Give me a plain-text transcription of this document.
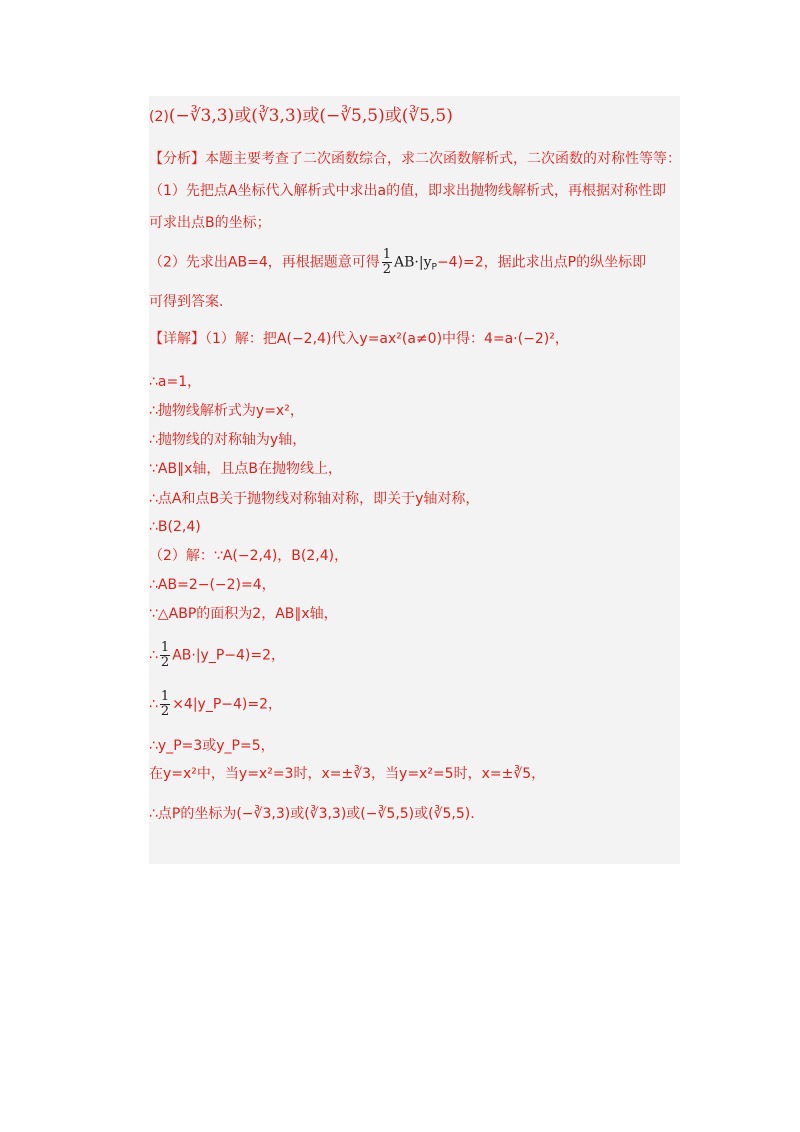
(2)(−∛3,3)或(∛3,3)或(−∛5,5)或(∛5,5)
【分析】本题主要考查了二次函数综合，求二次函数解析式，二次函数的对称性等等：
（1）先把点A坐标代入解析式中求出a的值，即求出抛物线解析式，再根据对称性即
可求出点B的坐标；
（2）先求出AB=4，再根据题意可得 $\frac{1}{2} AB\cdot|y_P-4)=2$，据此求出点P的纵坐标即
可得到答案.
【详解】（1）解：把A(−2,4)代入y=ax²(a≠0)中得：4=a·(−2)²，
∴a=1，
∴抛物线解析式为y=x²，
∴抛物线的对称轴为y轴，
∵AB∥x轴，且点B在抛物线上，
∴点A和点B关于抛物线对称轴对称，即关于y轴对称，
∴B(2,4)
（2）解：∵A(−2,4)，B(2,4)，
∴AB=2−(−2)=4，
∵△ABP的面积为2，AB∥x轴，
∴ $\frac{1}{2}$ AB·|y_P−4)=2，
∴ $\frac{1}{2}$ ×4|y_P−4)=2，
∴y_P=3或y_P=5，
在y=x²中，当y=x²=3时，x=±∛3，当y=x²=5时，x=±∛5，
∴点P的坐标为(−∛3,3)或(∛3,3)或(−∛5,5)或(∛5,5).
